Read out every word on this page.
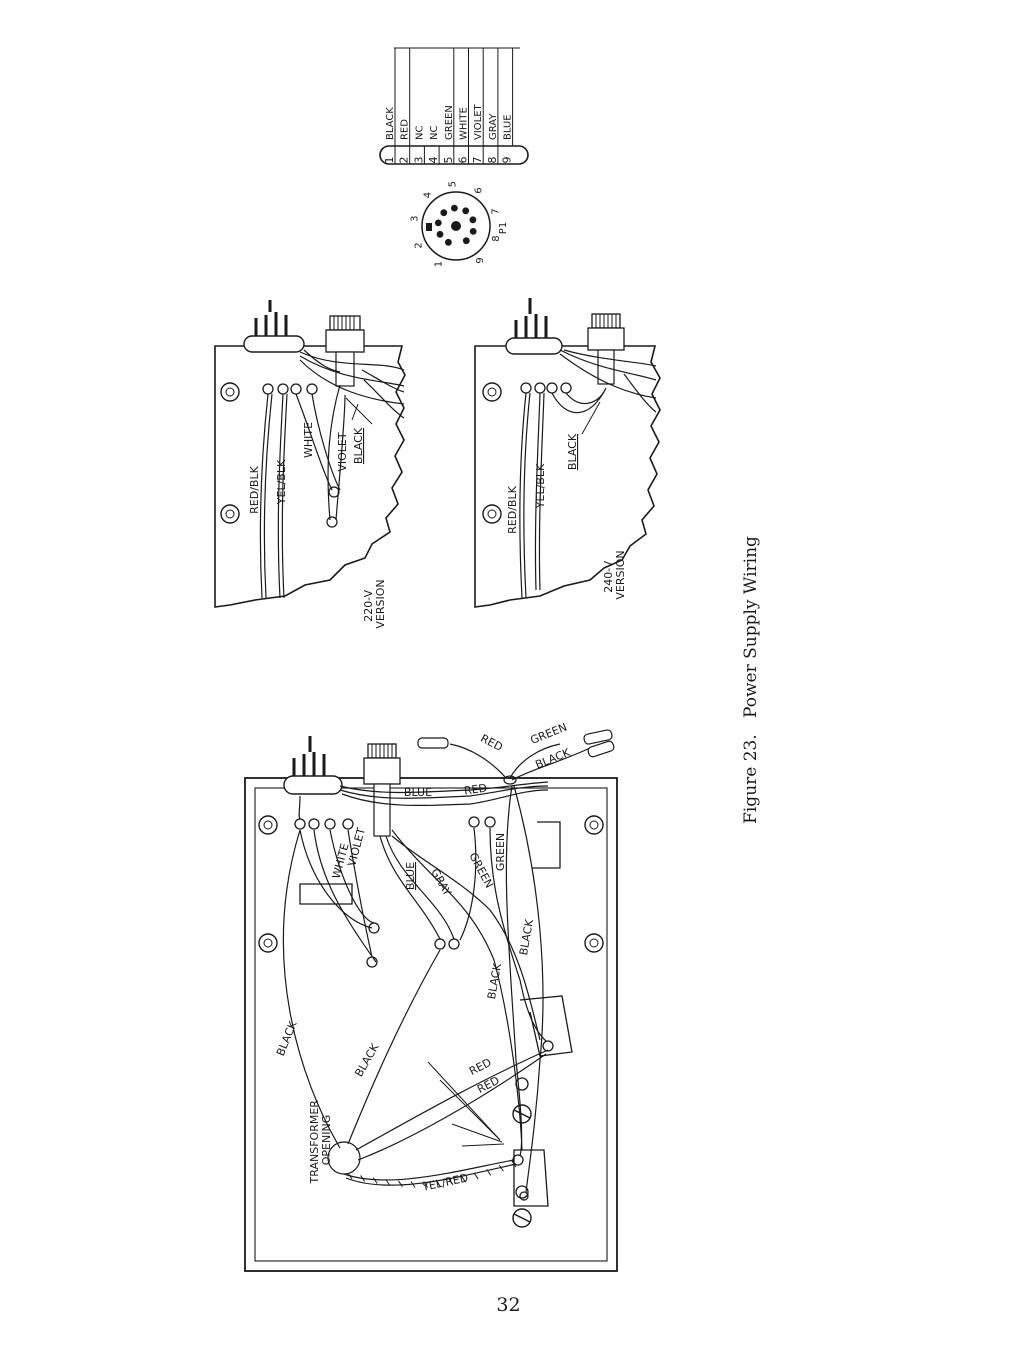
1
BLACK
2
RED
3
NC
4
NC
5
GREEN
6
WHITE
7
VIOLET
8
GRAY
9
BLUE
1
2
3
4
5
6
7
8
9
P1
RED/BLK YEL/BLK
WHITE VIOLET BLACK
220-V VERSION
RED/BLK
YEL/BLK
BLACK
240-V VERSION
RED GREEN
BLACK
BLUE	RED
WHITE
VIOLET
BLUE GRAY GREEN
GREEN
BLACK
BLACK
BLACK
BLACK	RED
RED
YEL/RED
TRANSFORMER OPENING
Figure 23.   Power Supply Wiring
32
